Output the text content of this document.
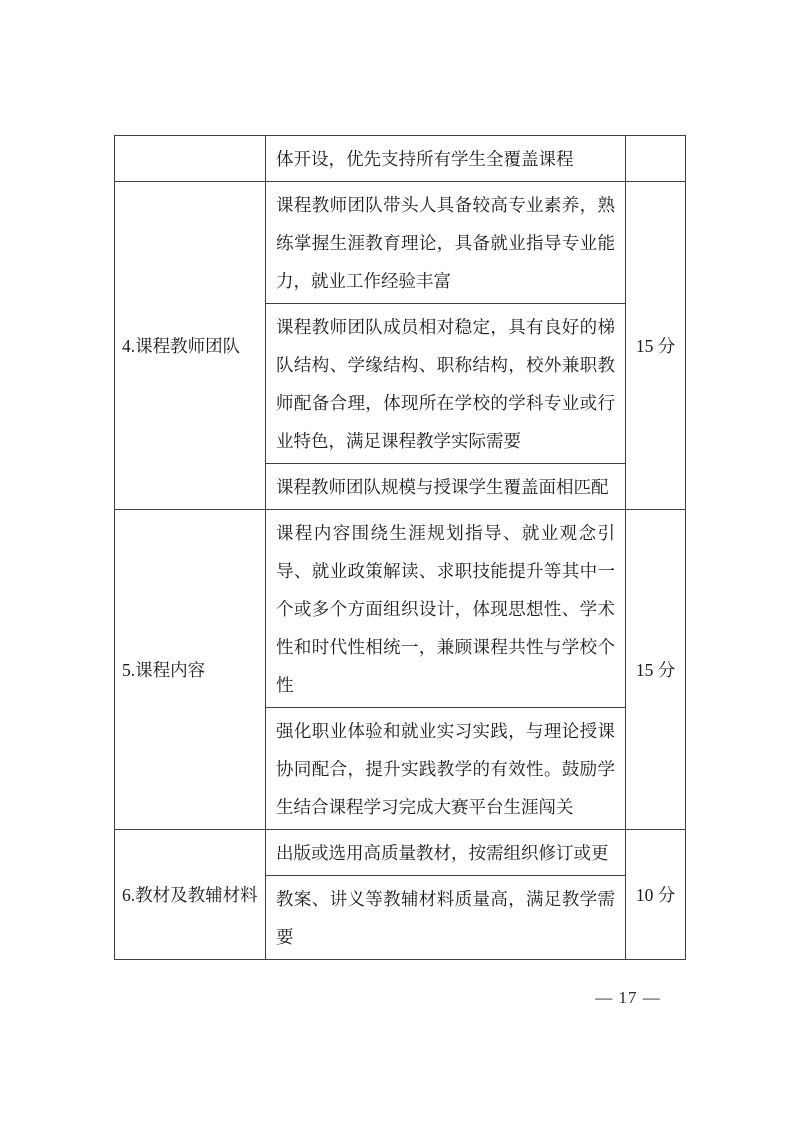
	体开设，优先支持所有学生全覆盖课程	
4.课程教师团队	课程教师团队带头人具备较高专业素养，熟练掌握生涯教育理论，具备就业指导专业能力，就业工作经验丰富	15 分
	课程教师团队成员相对稳定，具有良好的梯队结构、学缘结构、职称结构，校外兼职教师配备合理，体现所在学校的学科专业或行业特色，满足课程教学实际需要	
	课程教师团队规模与授课学生覆盖面相匹配	
5.课程内容	课程内容围绕生涯规划指导、就业观念引导、就业政策解读、求职技能提升等其中一个或多个方面组织设计，体现思想性、学术性和时代性相统一，兼顾课程共性与学校个性	15 分
	强化职业体验和就业实习实践，与理论授课协同配合，提升实践教学的有效性。鼓励学生结合课程学习完成大赛平台生涯闯关	
6.教材及教辅材料	出版或选用高质量教材，按需组织修订或更	10 分
	教案、讲义等教辅材料质量高，满足教学需要	
— 17 —
